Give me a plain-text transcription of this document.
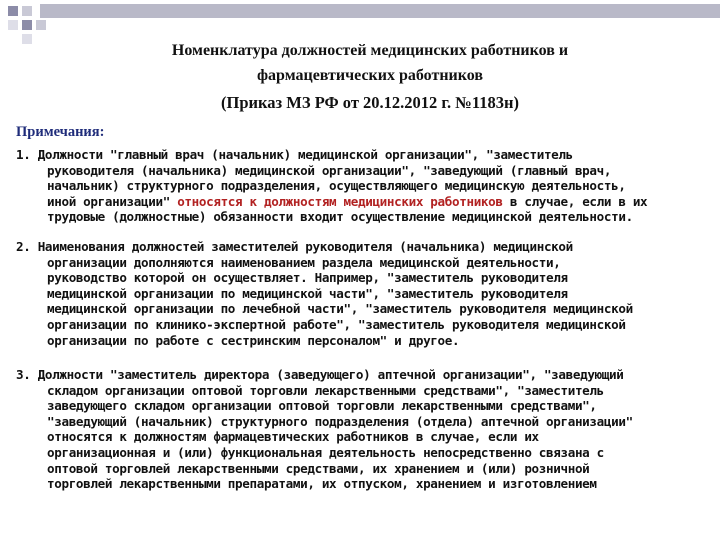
Номенклатура должностей медицинских работников и
фармацевтических работников
(Приказ МЗ РФ от 20.12.2012 г. №1183н)
Примечания:
1. Должности "главный врач (начальник) медицинской организации", "заместитель
руководителя (начальника) медицинской организации", "заведующий (главный врач,
начальник) структурного подразделения, осуществляющего медицинскую деятельность,
иной организации" относятся к должностям медицинских работников в случае, если в их
трудовые (должностные) обязанности входит осуществление медицинской деятельности.
2. Наименования должностей заместителей руководителя (начальника) медицинской
организации дополняются наименованием раздела медицинской деятельности,
руководство которой он осуществляет. Например, "заместитель руководителя
медицинской организации по медицинской части", "заместитель руководителя
медицинской организации по лечебной части", "заместитель руководителя медицинской
организации по клинико-экспертной работе", "заместитель руководителя медицинской
организации по работе с сестринским персоналом" и другое.
3. Должности "заместитель директора (заведующего) аптечной организации", "заведующий
складом организации оптовой торговли лекарственными средствами", "заместитель
заведующего складом организации оптовой торговли лекарственными средствами",
"заведующий (начальник) структурного подразделения (отдела) аптечной организации"
относятся к должностям фармацевтических работников в случае, если их
организационная и (или) функциональная деятельность непосредственно связана с
оптовой торговлей лекарственными средствами, их хранением и (или) розничной
торговлей лекарственными препаратами, их отпуском, хранением и изготовлением
